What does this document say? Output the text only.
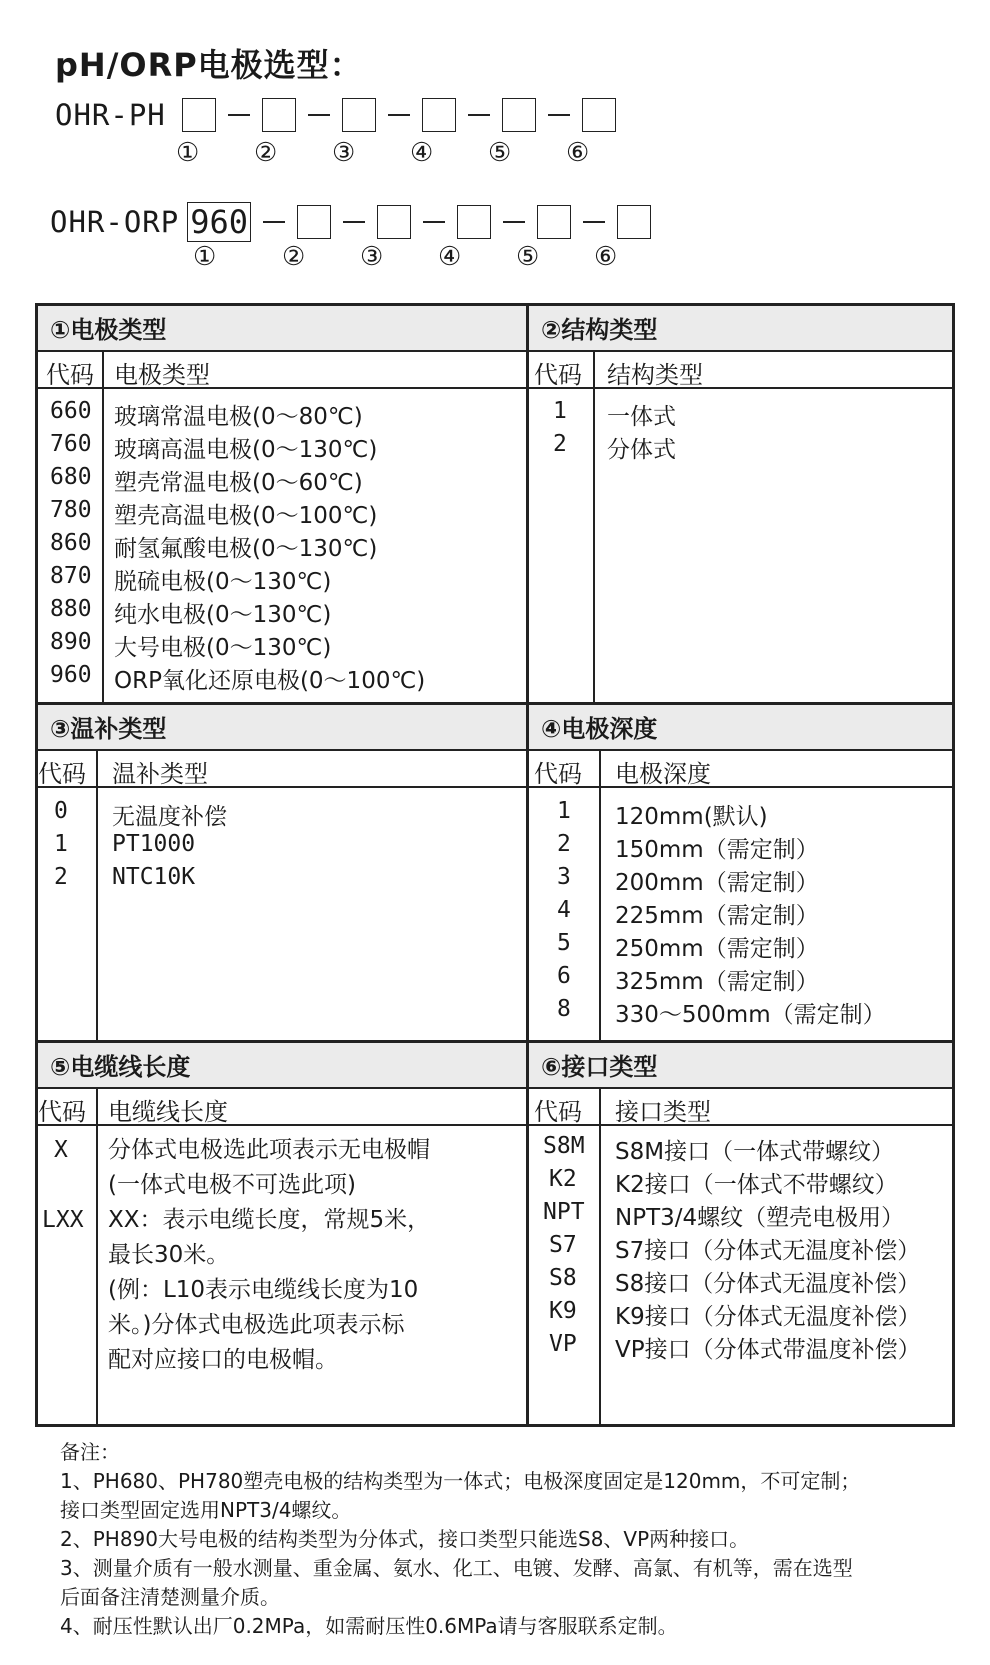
pH/ORP电极选型：
OHR-PH
① ② ③ ④ ⑤ ⑥
OHR-ORP 960
①	② ③ ④ ⑤ ⑥
①电极类型
代码 电极类型
660 玻璃常温电极(0～80℃)
760 玻璃高温电极(0～130℃)
680 塑壳常温电极(0～60℃)
780 塑壳高温电极(0～100℃)
860 耐氢氟酸电极(0～130℃)
870 脱硫电极(0～130℃)
880 纯水电极(0～130℃)
890 大号电极(0～130℃)
960 ORP氧化还原电极(0～100℃)
②结构类型
代码 结构类型
1 一体式
2 分体式
③温补类型
代码 温补类型
0 无温度补偿
1 PT1000
2 NTC10K
④电极深度
代码 电极深度
1 120mm(默认)
2 150mm（需定制）
3 200mm（需定制）
4 225mm（需定制）
5 250mm（需定制）
6 325mm（需定制）
8 330～500mm（需定制）
⑤电缆线长度
代码 电缆线长度
X 分体式电极选此项表示无电极帽
(一体式电极不可选此项)
LXX XX：表示电缆长度，常规5米，
最长30米。
(例：L10表示电缆线长度为10
米。)分体式电极选此项表示标
配对应接口的电极帽。
⑥接口类型
代码 接口类型
S8M S8M接口（一体式带螺纹）
K2 K2接口（一体式不带螺纹）
NPT NPT3/4螺纹（塑壳电极用）
S7 S7接口（分体式无温度补偿）
S8 S8接口（分体式无温度补偿）
K9 K9接口（分体式无温度补偿）
VP VP接口（分体式带温度补偿）
备注：
1、PH680、PH780塑壳电极的结构类型为一体式；电极深度固定是120mm，不可定制；
接口类型固定选用NPT3/4螺纹。
2、PH890大号电极的结构类型为分体式，接口类型只能选S8、VP两种接口。
3、测量介质有一般水测量、重金属、氨水、化工、电镀、发酵、高氯、有机等，需在选型
后面备注清楚测量介质。
4、耐压性默认出厂0.2MPa，如需耐压性0.6MPa请与客服联系定制。
